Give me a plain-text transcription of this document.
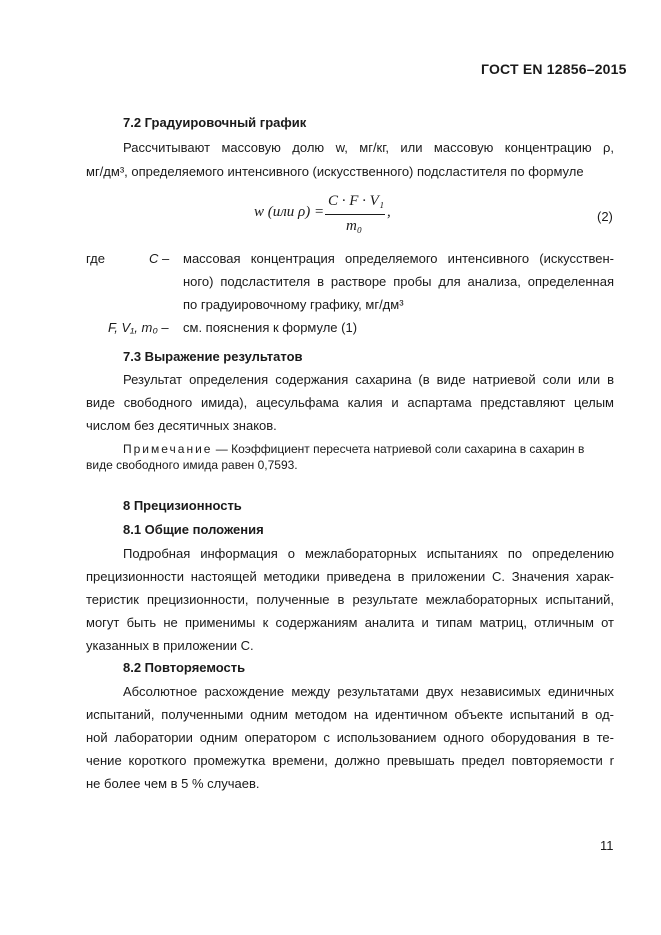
ГОСТ EN 12856–2015
7.2 Градуировочный график
Рассчитывают массовую долю w, мг/кг, или массовую концентрацию ρ,
мг/дм³, определяемого интенсивного (искусственного) подсластителя по формуле
w (или ρ) =
C · F · V₁
m₀
,	(2)
где	C – массовая концентрация определяемого интенсивного (искусствен-
ного) подсластителя в растворе пробы для анализа, определенная
по градуировочному графику, мг/дм³
F, V₁, m₀ – см. пояснения к формуле (1)
7.3 Выражение результатов
Результат определения содержания сахарина (в виде натриевой соли или в
виде свободного имида), ацесульфама калия и аспартама представляют целым
числом без десятичных знаков.
Примечание — Коэффициент пересчета натриевой соли сахарина в сахарин в
виде свободного имида равен 0,7593.
8 Прецизионность
8.1 Общие положения
Подробная информация о межлабораторных испытаниях по определению
прецизионности настоящей методики приведена в приложении С. Значения харак-
теристик прецизионности, полученные в результате межлабораторных испытаний,
могут быть не применимы к содержаниям аналита и типам матриц, отличным от
указанных в приложении С.
8.2 Повторяемость
Абсолютное расхождение между результатами двух независимых единичных
испытаний, полученными одним методом на идентичном объекте испытаний в од-
ной лаборатории одним оператором с использованием одного оборудования в те-
чение короткого промежутка времени, должно превышать предел повторяемости r
не более чем в 5 % случаев.
11
